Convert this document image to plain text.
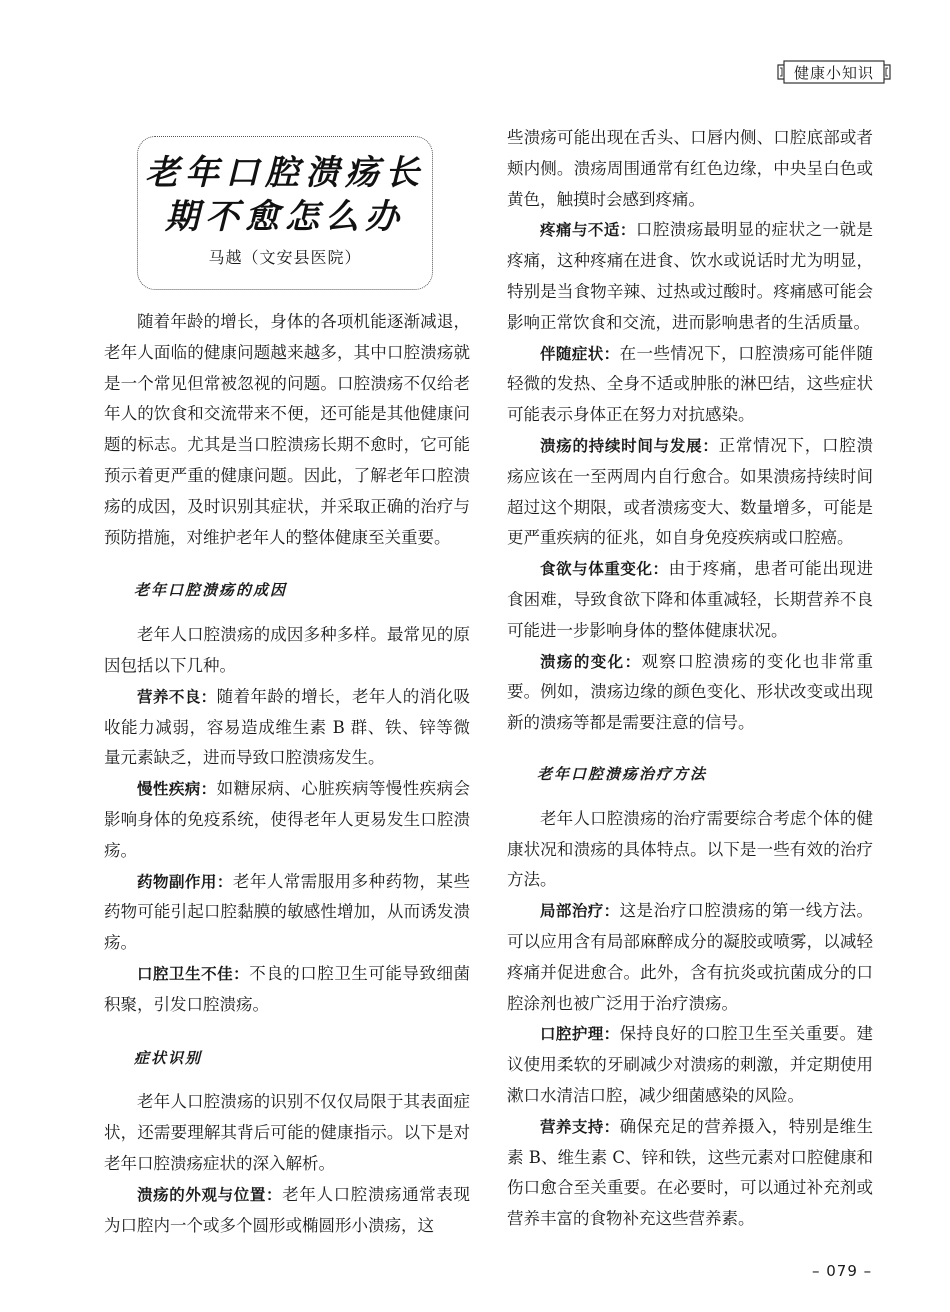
健康小知识
老年口腔溃疡长
期不愈怎么办
马越（文安县医院）

随着年龄的增长，身体的各项机能逐渐减退，老年人面临的健康问题越来越多，其中口腔溃疡就是一个常见但常被忽视的问题。口腔溃疡不仅给老年人的饮食和交流带来不便，还可能是其他健康问题的标志。尤其是当口腔溃疡长期不愈时，它可能预示着更严重的健康问题。因此，了解老年口腔溃疡的成因，及时识别其症状，并采取正确的治疗与预防措施，对维护老年人的整体健康至关重要。

老年口腔溃疡的成因

老年人口腔溃疡的成因多种多样。最常见的原因包括以下几种。

营养不良：随着年龄的增长，老年人的消化吸收能力减弱，容易造成维生素 B 群、铁、锌等微量元素缺乏，进而导致口腔溃疡发生。

慢性疾病：如糖尿病、心脏疾病等慢性疾病会影响身体的免疫系统，使得老年人更易发生口腔溃疡。

药物副作用：老年人常需服用多种药物，某些药物可能引起口腔黏膜的敏感性增加，从而诱发溃疡。

口腔卫生不佳：不良的口腔卫生可能导致细菌积聚，引发口腔溃疡。

症状识别

老年人口腔溃疡的识别不仅仅局限于其表面症状，还需要理解其背后可能的健康指示。以下是对老年口腔溃疡症状的深入解析。

溃疡的外观与位置：老年人口腔溃疡通常表现为口腔内一个或多个圆形或椭圆形小溃疡，这

些溃疡可能出现在舌头、口唇内侧、口腔底部或者颊内侧。溃疡周围通常有红色边缘，中央呈白色或黄色，触摸时会感到疼痛。

疼痛与不适：口腔溃疡最明显的症状之一就是疼痛，这种疼痛在进食、饮水或说话时尤为明显，特别是当食物辛辣、过热或过酸时。疼痛感可能会影响正常饮食和交流，进而影响患者的生活质量。

伴随症状：在一些情况下，口腔溃疡可能伴随轻微的发热、全身不适或肿胀的淋巴结，这些症状可能表示身体正在努力对抗感染。

溃疡的持续时间与发展：正常情况下，口腔溃疡应该在一至两周内自行愈合。如果溃疡持续时间超过这个期限，或者溃疡变大、数量增多，可能是更严重疾病的征兆，如自身免疫疾病或口腔癌。

食欲与体重变化：由于疼痛，患者可能出现进食困难，导致食欲下降和体重减轻，长期营养不良可能进一步影响身体的整体健康状况。

溃疡的变化：观察口腔溃疡的变化也非常重要。例如，溃疡边缘的颜色变化、形状改变或出现新的溃疡等都是需要注意的信号。

老年口腔溃疡治疗方法

老年人口腔溃疡的治疗需要综合考虑个体的健康状况和溃疡的具体特点。以下是一些有效的治疗方法。

局部治疗：这是治疗口腔溃疡的第一线方法。可以应用含有局部麻醉成分的凝胶或喷雾，以减轻疼痛并促进愈合。此外，含有抗炎或抗菌成分的口腔涂剂也被广泛用于治疗溃疡。

口腔护理：保持良好的口腔卫生至关重要。建议使用柔软的牙刷减少对溃疡的刺激，并定期使用漱口水清洁口腔，减少细菌感染的风险。

营养支持：确保充足的营养摄入，特别是维生素 B、维生素 C、锌和铁，这些元素对口腔健康和伤口愈合至关重要。在必要时，可以通过补充剂或营养丰富的食物补充这些营养素。

– 079 –
